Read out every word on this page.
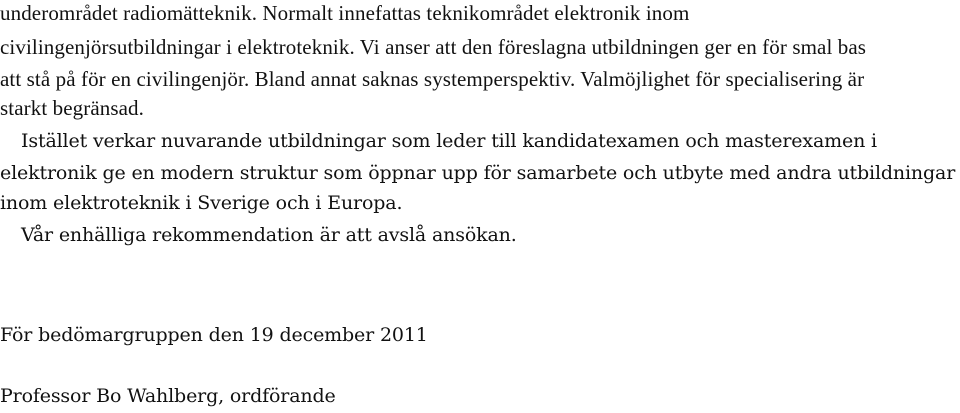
underområdet radiomätteknik. Normalt innefattas teknikområdet elektronik inom
civilingenjörsutbildningar i elektroteknik. Vi anser att den föreslagna utbildningen ger en för smal bas
att stå på för en civilingenjör. Bland annat saknas systemperspektiv. Valmöjlighet för specialisering är
starkt begränsad.
Istället verkar nuvarande utbildningar som leder till kandidatexamen och masterexamen i
elektronik ge en modern struktur som öppnar upp för samarbete och utbyte med andra utbildningar
inom elektroteknik i Sverige och i Europa.
Vår enhälliga rekommendation är att avslå ansökan.
För bedömargruppen den 19 december 2011
Professor Bo Wahlberg, ordförande
